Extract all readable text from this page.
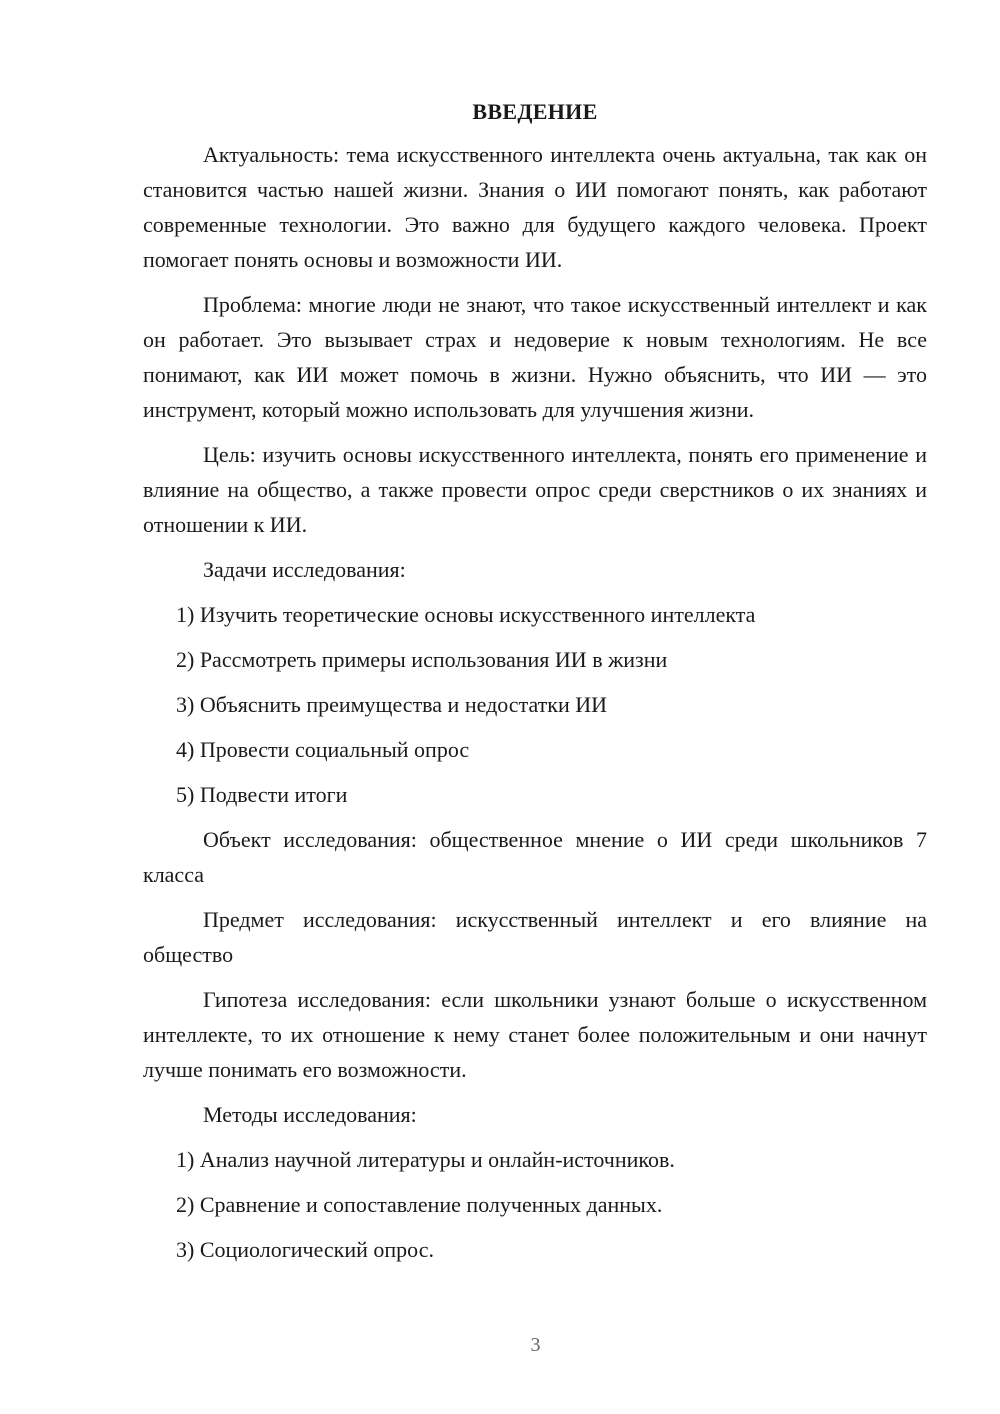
ВВЕДЕНИЕ

Актуальность: тема искусственного интеллекта очень актуальна, так как он становится частью нашей жизни. Знания о ИИ помогают понять, как работают современные технологии. Это важно для будущего каждого человека. Проект помогает понять основы и возможности ИИ.

Проблема: многие люди не знают, что такое искусственный интеллект и как он работает. Это вызывает страх и недоверие к новым технологиям. Не все понимают, как ИИ может помочь в жизни. Нужно объяснить, что ИИ — это инструмент, который можно использовать для улучшения жизни.

Цель: изучить основы искусственного интеллекта, понять его применение и влияние на общество, а также провести опрос среди сверстников о их знаниях и отношении к ИИ.

Задачи исследования:

1) Изучить теоретические основы искусственного интеллекта
2) Рассмотреть примеры использования ИИ в жизни
3) Объяснить преимущества и недостатки ИИ
4) Провести социальный опрос
5) Подвести итоги

Объект исследования: общественное мнение о ИИ среди школьников 7 класса

Предмет исследования: искусственный интеллект и его влияние на общество

Гипотеза исследования: если школьники узнают больше о искусственном интеллекте, то их отношение к нему станет более положительным и они начнут лучше понимать его возможности.

Методы исследования:

1) Анализ научной литературы и онлайн-источников.
2) Сравнение и сопоставление полученных данных.
3) Социологический опрос.
3
